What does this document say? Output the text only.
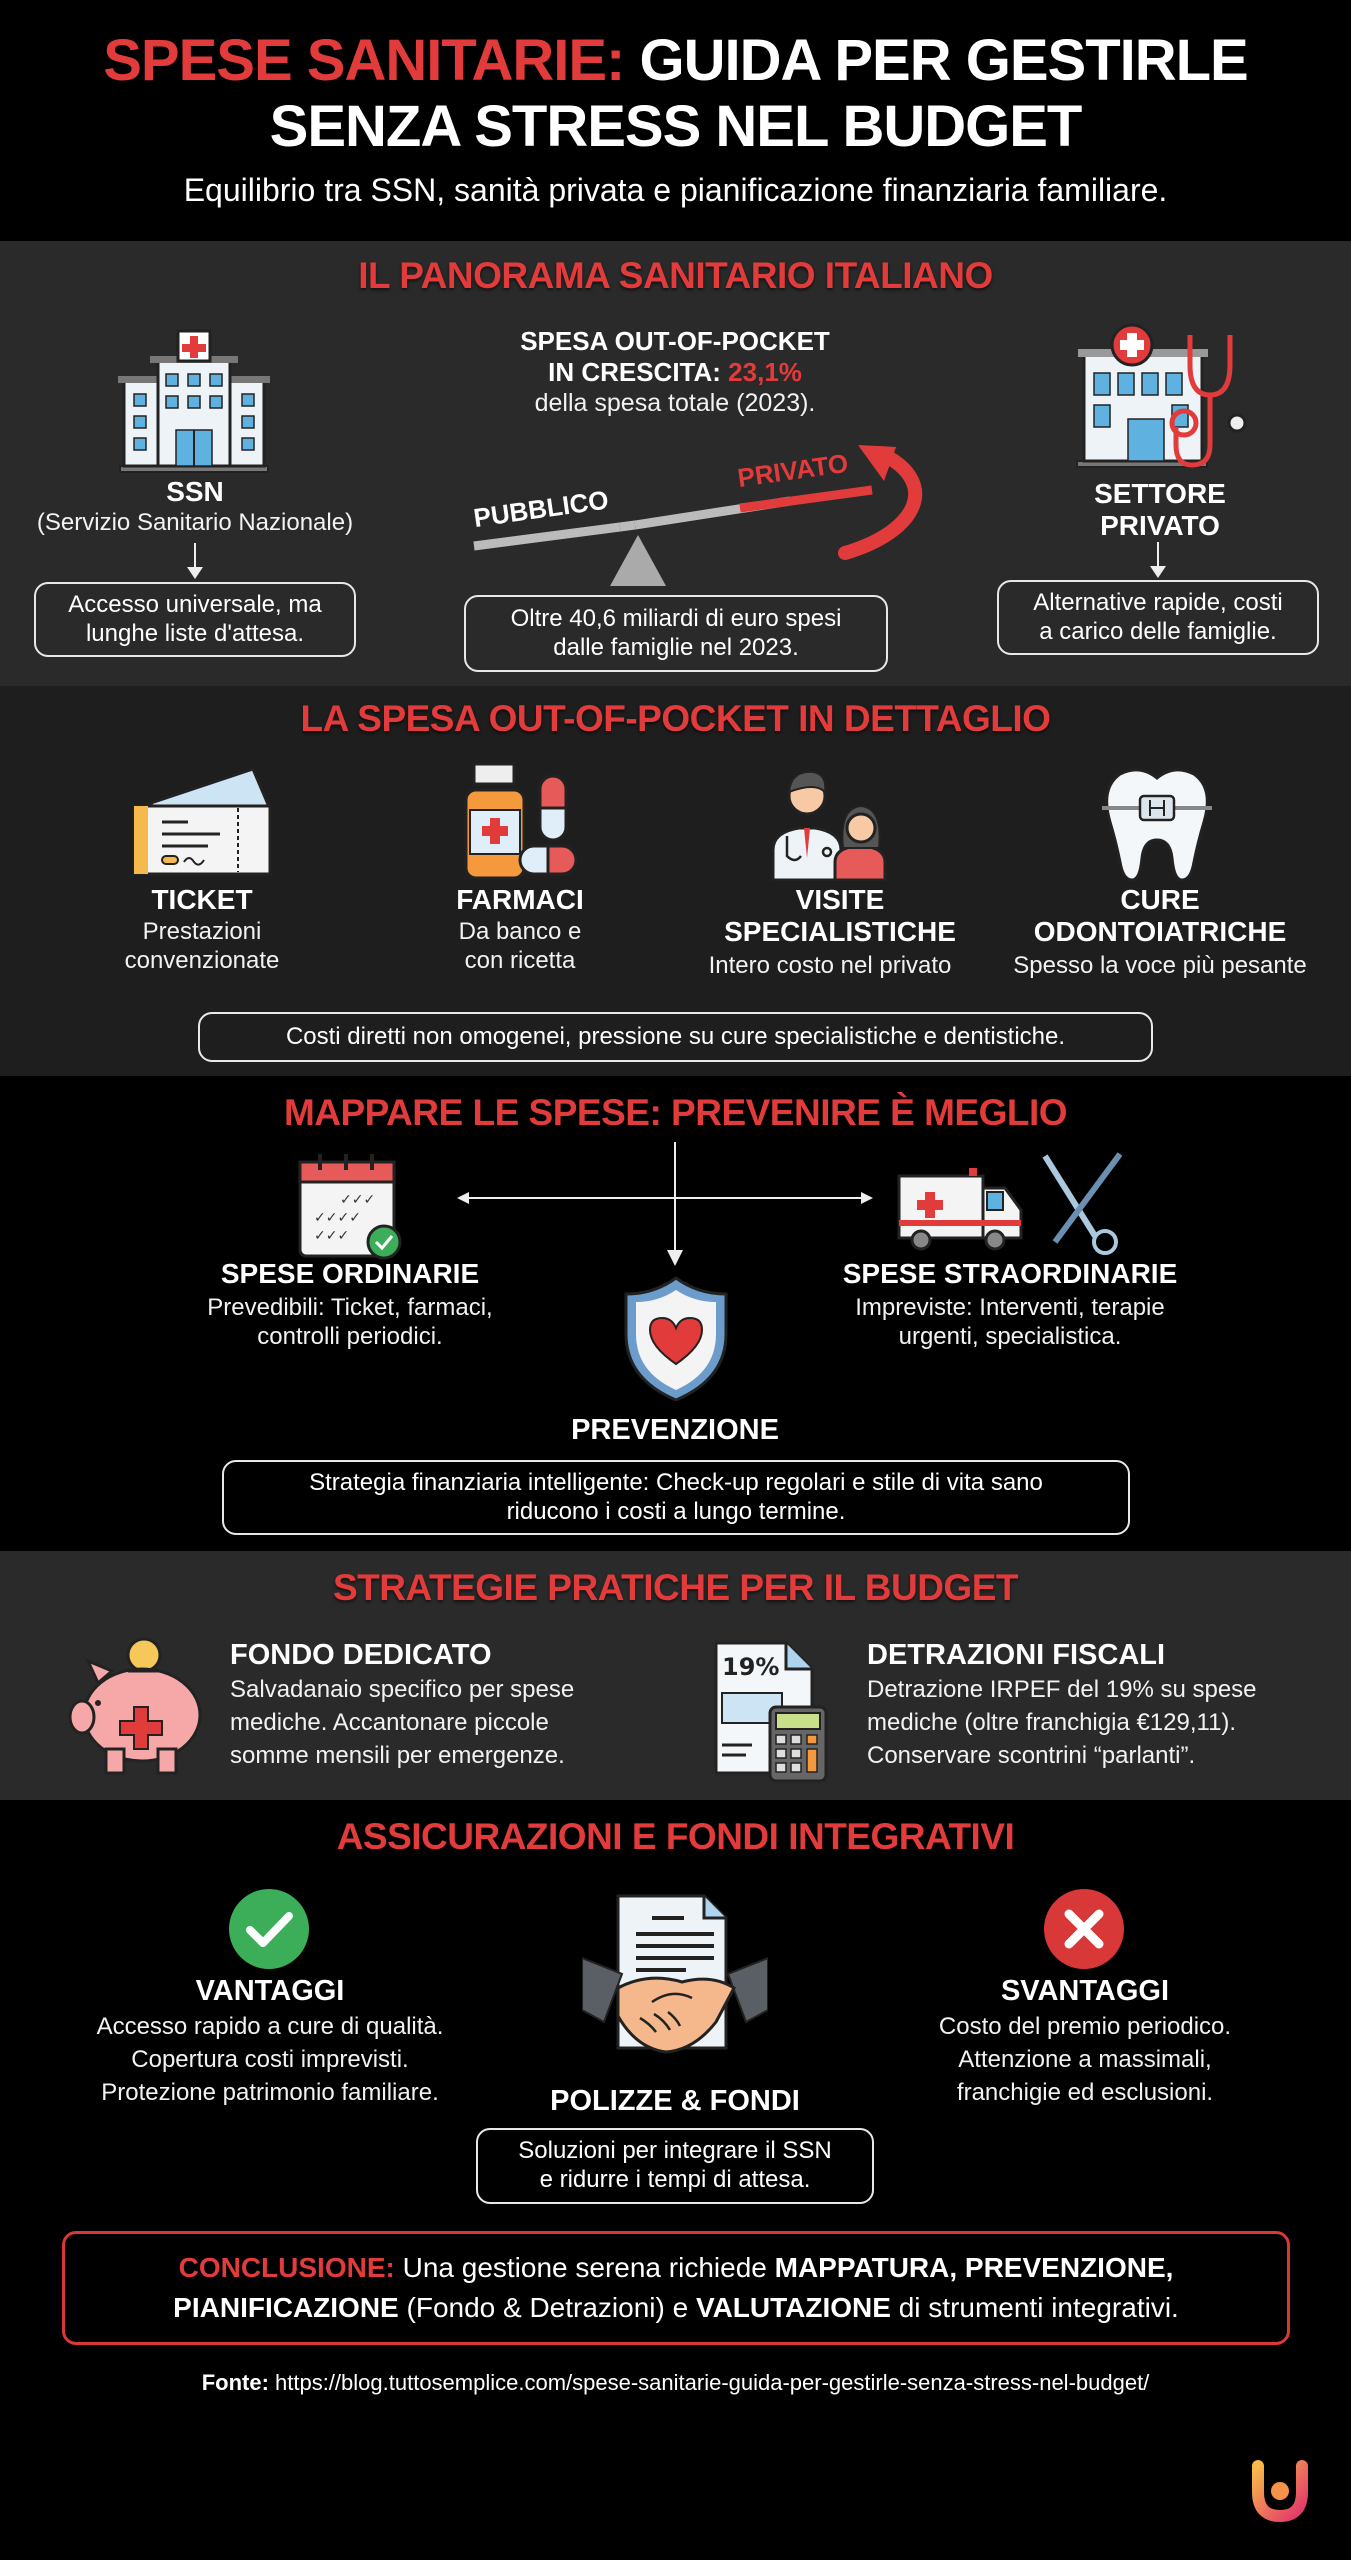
SPESE SANITARIE: GUIDA PER GESTIRLE
SENZA STRESS NEL BUDGET
Equilibrio tra SSN, sanità privata e pianificazione finanziaria familiare.
IL PANORAMA SANITARIO ITALIANO
SSN
(Servizio Sanitario Nazionale)
Accesso universale, ma
lunghe liste d'attesa.
SPESA OUT-OF-POCKET
IN CRESCITA: 23,1%
della spesa totale (2023).
PUBBLICO
PRIVATO
Oltre 40,6 miliardi di euro spesi
dalle famiglie nel 2023.
SETTORE
PRIVATO
Alternative rapide, costi
a carico delle famiglie.
LA SPESA OUT-OF-POCKET IN DETTAGLIO
TICKET
Prestazioni
convenzionate
FARMACI
Da banco e
con ricetta
VISITE
SPECIALISTICHE
Intero costo nel privato
CURE
ODONTOIATRICHE
Spesso la voce più pesante
Costi diretti non omogenei, pressione su cure specialistiche e dentistiche.
MAPPARE LE SPESE: PREVENIRE È MEGLIO
✓✓✓
✓✓✓✓
✓✓✓
SPESE ORDINARIE
Prevedibili: Ticket, farmaci,
controlli periodici.
SPESE STRAORDINARIE
Impreviste: Interventi, terapie
urgenti, specialistica.
PREVENZIONE
Strategia finanziaria intelligente: Check-up regolari e stile di vita sano
riducono i costi a lungo termine.
STRATEGIE PRATICHE PER IL BUDGET
FONDO DEDICATO
Salvadanaio specifico per spese
mediche. Accantonare piccole
somme mensili per emergenze.
19%	DETRAZIONI FISCALI
Detrazione IRPEF del 19% su spese
mediche (oltre franchigia €129,11).
Conservare scontrini “parlanti”.
ASSICURAZIONI E FONDI INTEGRATIVI
VANTAGGI
Accesso rapido a cure di qualità.
Copertura costi imprevisti.
Protezione patrimonio familiare.	POLIZZE & FONDI
Soluzioni per integrare il SSN
e ridurre i tempi di attesa.
SVANTAGGI
Costo del premio periodico.
Attenzione a massimali,
franchigie ed esclusioni.
CONCLUSIONE: Una gestione serena richiede MAPPATURA, PREVENZIONE,
PIANIFICAZIONE (Fondo & Detrazioni) e VALUTAZIONE di strumenti integrativi.
Fonte: https://blog.tuttosemplice.com/spese-sanitarie-guida-per-gestirle-senza-stress-nel-budget/
